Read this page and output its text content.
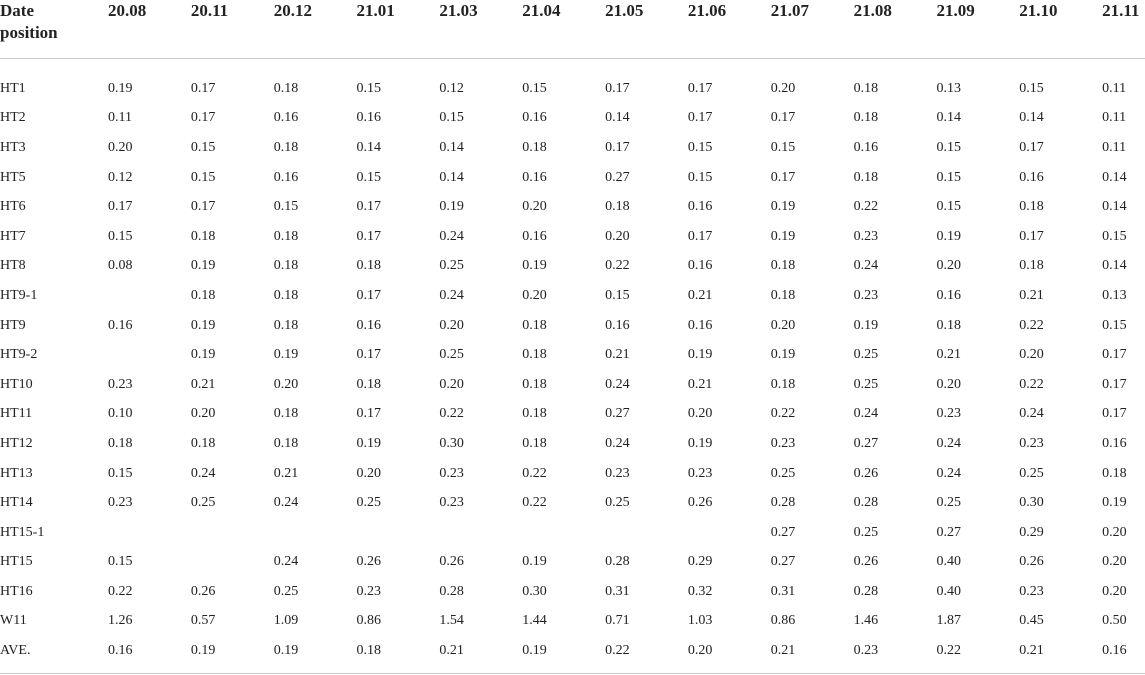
Date
position	20.08	20.11	20.12	21.01	21.03	21.04	21.05	21.06	21.07	21.08	21.09	21.10	21.11

HT1	0.19	0.17	0.18	0.15	0.12	0.15	0.17	0.17	0.20	0.18	0.13	0.15	0.11
HT2	0.11	0.17	0.16	0.16	0.15	0.16	0.14	0.17	0.17	0.18	0.14	0.14	0.11
HT3	0.20	0.15	0.18	0.14	0.14	0.18	0.17	0.15	0.15	0.16	0.15	0.17	0.11
HT5	0.12	0.15	0.16	0.15	0.14	0.16	0.27	0.15	0.17	0.18	0.15	0.16	0.14
HT6	0.17	0.17	0.15	0.17	0.19	0.20	0.18	0.16	0.19	0.22	0.15	0.18	0.14
HT7	0.15	0.18	0.18	0.17	0.24	0.16	0.20	0.17	0.19	0.23	0.19	0.17	0.15
HT8	0.08	0.19	0.18	0.18	0.25	0.19	0.22	0.16	0.18	0.24	0.20	0.18	0.14
HT9-1		0.18	0.18	0.17	0.24	0.20	0.15	0.21	0.18	0.23	0.16	0.21	0.13
HT9	0.16	0.19	0.18	0.16	0.20	0.18	0.16	0.16	0.20	0.19	0.18	0.22	0.15
HT9-2		0.19	0.19	0.17	0.25	0.18	0.21	0.19	0.19	0.25	0.21	0.20	0.17
HT10	0.23	0.21	0.20	0.18	0.20	0.18	0.24	0.21	0.18	0.25	0.20	0.22	0.17
HT11	0.10	0.20	0.18	0.17	0.22	0.18	0.27	0.20	0.22	0.24	0.23	0.24	0.17
HT12	0.18	0.18	0.18	0.19	0.30	0.18	0.24	0.19	0.23	0.27	0.24	0.23	0.16
HT13	0.15	0.24	0.21	0.20	0.23	0.22	0.23	0.23	0.25	0.26	0.24	0.25	0.18
HT14	0.23	0.25	0.24	0.25	0.23	0.22	0.25	0.26	0.28	0.28	0.25	0.30	0.19
HT15-1									0.27	0.25	0.27	0.29	0.20
HT15	0.15		0.24	0.26	0.26	0.19	0.28	0.29	0.27	0.26	0.40	0.26	0.20
HT16	0.22	0.26	0.25	0.23	0.28	0.30	0.31	0.32	0.31	0.28	0.40	0.23	0.20
W11	1.26	0.57	1.09	0.86	1.54	1.44	0.71	1.03	0.86	1.46	1.87	0.45	0.50
AVE.	0.16	0.19	0.19	0.18	0.21	0.19	0.22	0.20	0.21	0.23	0.22	0.21	0.16
